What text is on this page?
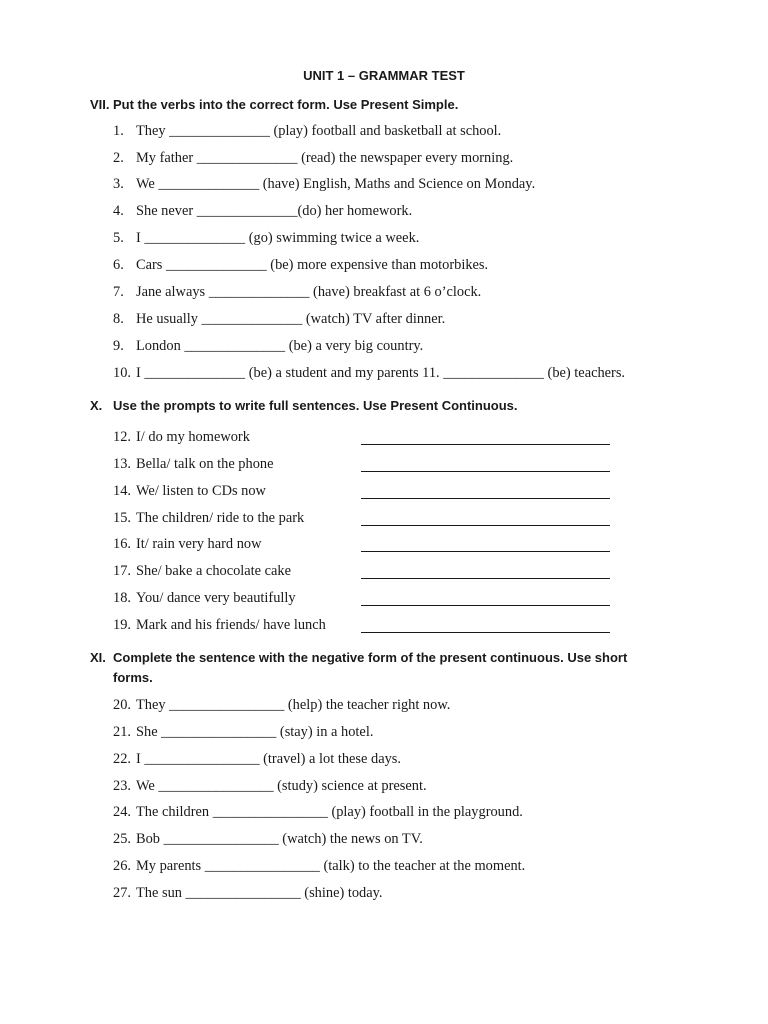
UNIT 1 – GRAMMAR TEST
VII. Put the verbs into the correct form. Use Present Simple.
1. They ______________ (play) football and basketball at school.
2. My father ______________ (read) the newspaper every morning.
3. We ______________ (have) English, Maths and Science on Monday.
4. She never ______________(do) her homework.
5. I ______________ (go) swimming twice a week.
6. Cars ______________ (be) more expensive than motorbikes.
7. Jane always ______________ (have) breakfast at 6 o’clock.
8. He usually ______________ (watch) TV after dinner.
9. London ______________ (be) a very big country.
10. I ______________ (be) a student and my parents 11. ______________ (be) teachers.
X. Use the prompts to write full sentences. Use Present Continuous.
12. I/ do my homework
13. Bella/ talk on the phone
14. We/ listen to CDs now
15. The children/ ride to the park
16. It/ rain very hard now
17. She/ bake a chocolate cake
18. You/ dance very beautifully
19. Mark and his friends/ have lunch
XI. Complete the sentence with the negative form of the present continuous. Use short
forms.
20. They ________________ (help) the teacher right now.
21. She ________________ (stay) in a hotel.
22. I ________________ (travel) a lot these days.
23. We ________________ (study) science at present.
24. The children ________________ (play) football in the playground.
25. Bob ________________ (watch) the news on TV.
26. My parents ________________ (talk) to the teacher at the moment.
27. The sun ________________ (shine) today.
